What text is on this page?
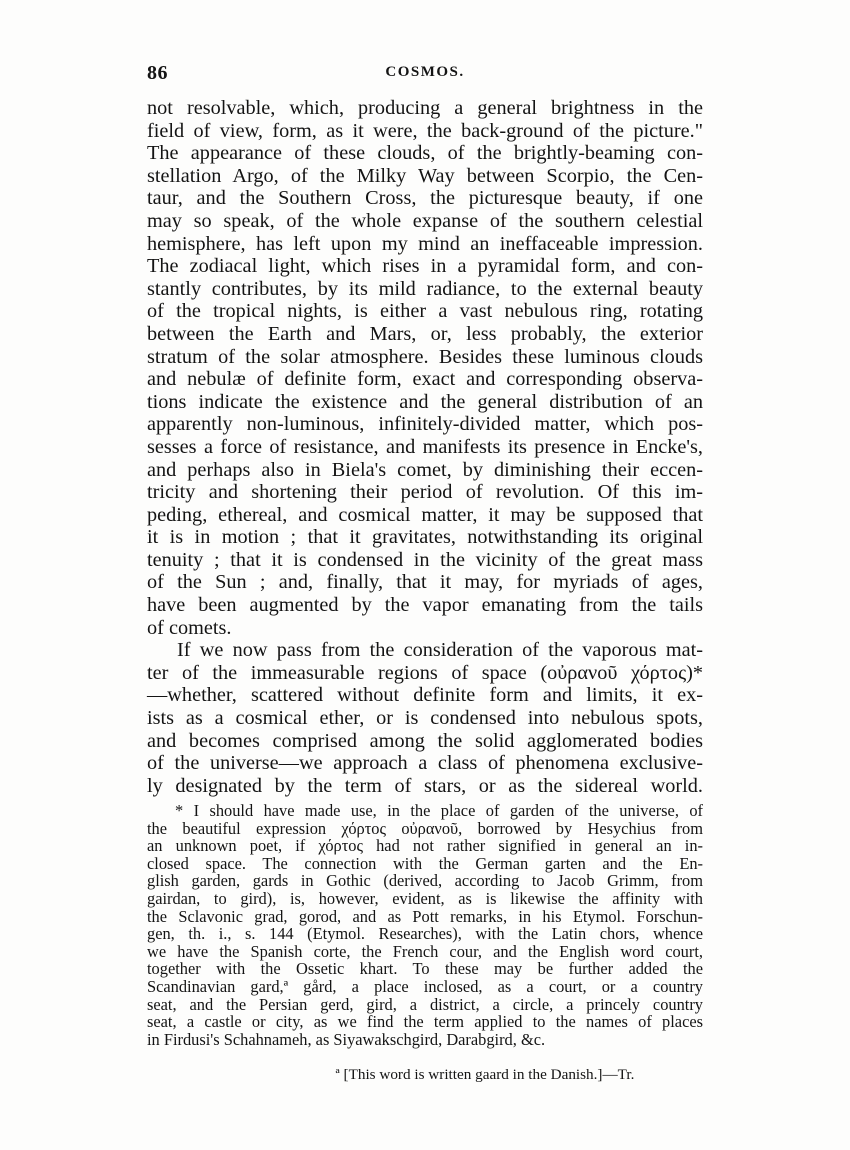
86	COSMOS.
not resolvable, which, producing a general brightness in the
field of view, form, as it were, the back-ground of the picture."
The appearance of these clouds, of the brightly-beaming con-
stellation Argo, of the Milky Way between Scorpio, the Cen-
taur, and the Southern Cross, the picturesque beauty, if one
may so speak, of the whole expanse of the southern celestial
hemisphere, has left upon my mind an ineffaceable impression.
The zodiacal light, which rises in a pyramidal form, and con-
stantly contributes, by its mild radiance, to the external beauty
of the tropical nights, is either a vast nebulous ring, rotating
between the Earth and Mars, or, less probably, the exterior
stratum of the solar atmosphere. Besides these luminous clouds
and nebulæ of definite form, exact and corresponding observa-
tions indicate the existence and the general distribution of an
apparently non-luminous, infinitely-divided matter, which pos-
sesses a force of resistance, and manifests its presence in Encke's,
and perhaps also in Biela's comet, by diminishing their eccen-
tricity and shortening their period of revolution. Of this im-
peding, ethereal, and cosmical matter, it may be supposed that
it is in motion ; that it gravitates, notwithstanding its original
tenuity ; that it is condensed in the vicinity of the great mass
of the Sun ; and, finally, that it may, for myriads of ages,
have been augmented by the vapor emanating from the tails
of comets.
If we now pass from the consideration of the vaporous mat-
ter of the immeasurable regions of space (οὐρανοῦ χόρτος)*
—whether, scattered without definite form and limits, it ex-
ists as a cosmical ether, or is condensed into nebulous spots,
and becomes comprised among the solid agglomerated bodies
of the universe—we approach a class of phenomena exclusive-
ly designated by the term of stars, or as the sidereal world.
* I should have made use, in the place of garden of the universe, of
the beautiful expression χόρτος οὐρανοῦ, borrowed by Hesychius from
an unknown poet, if χόρτος had not rather signified in general an in-
closed space. The connection with the German garten and the En-
glish garden, gards in Gothic (derived, according to Jacob Grimm, from
gairdan, to gird), is, however, evident, as is likewise the affinity with
the Sclavonic grad, gorod, and as Pott remarks, in his Etymol. Forschun-
gen, th. i., s. 144 (Etymol. Researches), with the Latin chors, whence
we have the Spanish corte, the French cour, and the English word court,
together with the Ossetic khart. To these may be further added the
Scandinavian gard,ª gård, a place inclosed, as a court, or a country
seat, and the Persian gerd, gird, a district, a circle, a princely country
seat, a castle or city, as we find the term applied to the names of places
in Firdusi's Schahnameh, as Siyawakschgird, Darabgird, &c.
ª [This word is written gaard in the Danish.]—Tr.
